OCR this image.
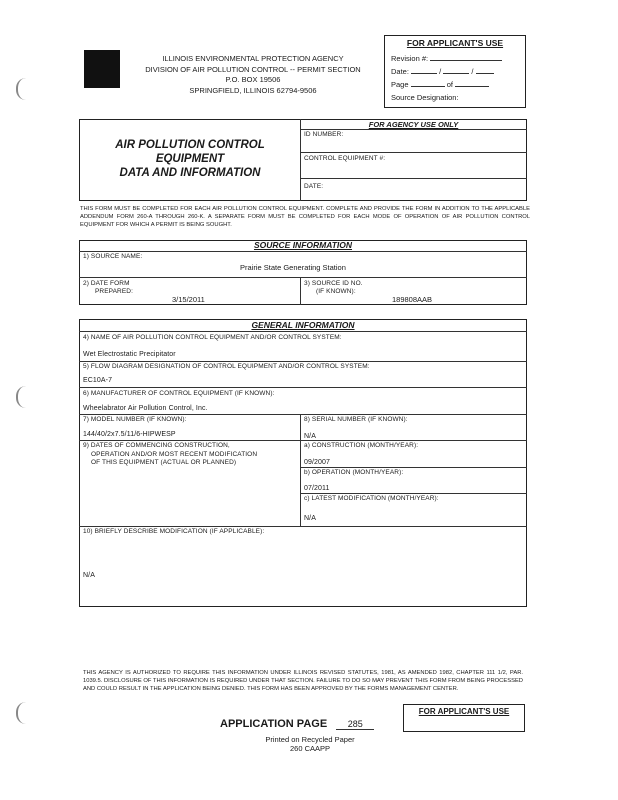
ILLINOIS ENVIRONMENTAL PROTECTION AGENCY
DIVISION OF AIR POLLUTION CONTROL -- PERMIT SECTION
P.O. BOX 19506
SPRINGFIELD, ILLINOIS 62794-9506
FOR APPLICANT'S USE
Revision #:
Date:	/	/
Page	of
Source Designation:
AIR POLLUTION CONTROL
EQUIPMENT
DATA AND INFORMATION
FOR AGENCY USE ONLY
ID NUMBER:
CONTROL EQUIPMENT #:
DATE:
THIS FORM MUST BE COMPLETED FOR EACH AIR POLLUTION CONTROL EQUIPMENT. COMPLETE AND PROVIDE THE FORM IN ADDITION TO THE APPLICABLE ADDENDUM FORM 260-A THROUGH 260-K. A SEPARATE FORM MUST BE COMPLETED FOR EACH MODE OF OPERATION OF AIR POLLUTION CONTROL EQUIPMENT FOR WHICH A PERMIT IS BEING SOUGHT.
SOURCE INFORMATION
1) SOURCE NAME:
Prairie State Generating Station
2) DATE FORM
PREPARED:
3/15/2011
3) SOURCE ID NO.
(IF KNOWN):
189808AAB
GENERAL INFORMATION
4) NAME OF AIR POLLUTION CONTROL EQUIPMENT AND/OR CONTROL SYSTEM:
Wet Electrostatic Precipitator
5) FLOW DIAGRAM DESIGNATION OF CONTROL EQUIPMENT AND/OR CONTROL SYSTEM:
EC10A-7
6) MANUFACTURER OF CONTROL EQUIPMENT (IF KNOWN):
Wheelabrator Air Pollution Control, Inc.
7) MODEL NUMBER (IF KNOWN):
144/40/2x7.5/11/6-HIPWESP
8) SERIAL NUMBER (IF KNOWN):
N/A
9) DATES OF COMMENCING CONSTRUCTION,
OPERATION AND/OR MOST RECENT MODIFICATION
OF THIS EQUIPMENT (ACTUAL OR PLANNED)
a) CONSTRUCTION (MONTH/YEAR):
09/2007
b) OPERATION (MONTH/YEAR):
07/2011
c) LATEST MODIFICATION (MONTH/YEAR):
N/A
10) BRIEFLY DESCRIBE MODIFICATION (IF APPLICABLE):
N/A
THIS AGENCY IS AUTHORIZED TO REQUIRE THIS INFORMATION UNDER ILLINOIS REVISED STATUTES, 1981, AS AMENDED 1982, CHAPTER 111 1/2, PAR. 1039.5. DISCLOSURE OF THIS INFORMATION IS REQUIRED UNDER THAT SECTION. FAILURE TO DO SO MAY PREVENT THIS FORM FROM BEING PROCESSED AND COULD RESULT IN THE APPLICATION BEING DENIED. THIS FORM HAS BEEN APPROVED BY THE FORMS MANAGEMENT CENTER.
FOR APPLICANT'S USE
APPLICATION PAGE 285
Printed on Recycled Paper
260 CAAPP
